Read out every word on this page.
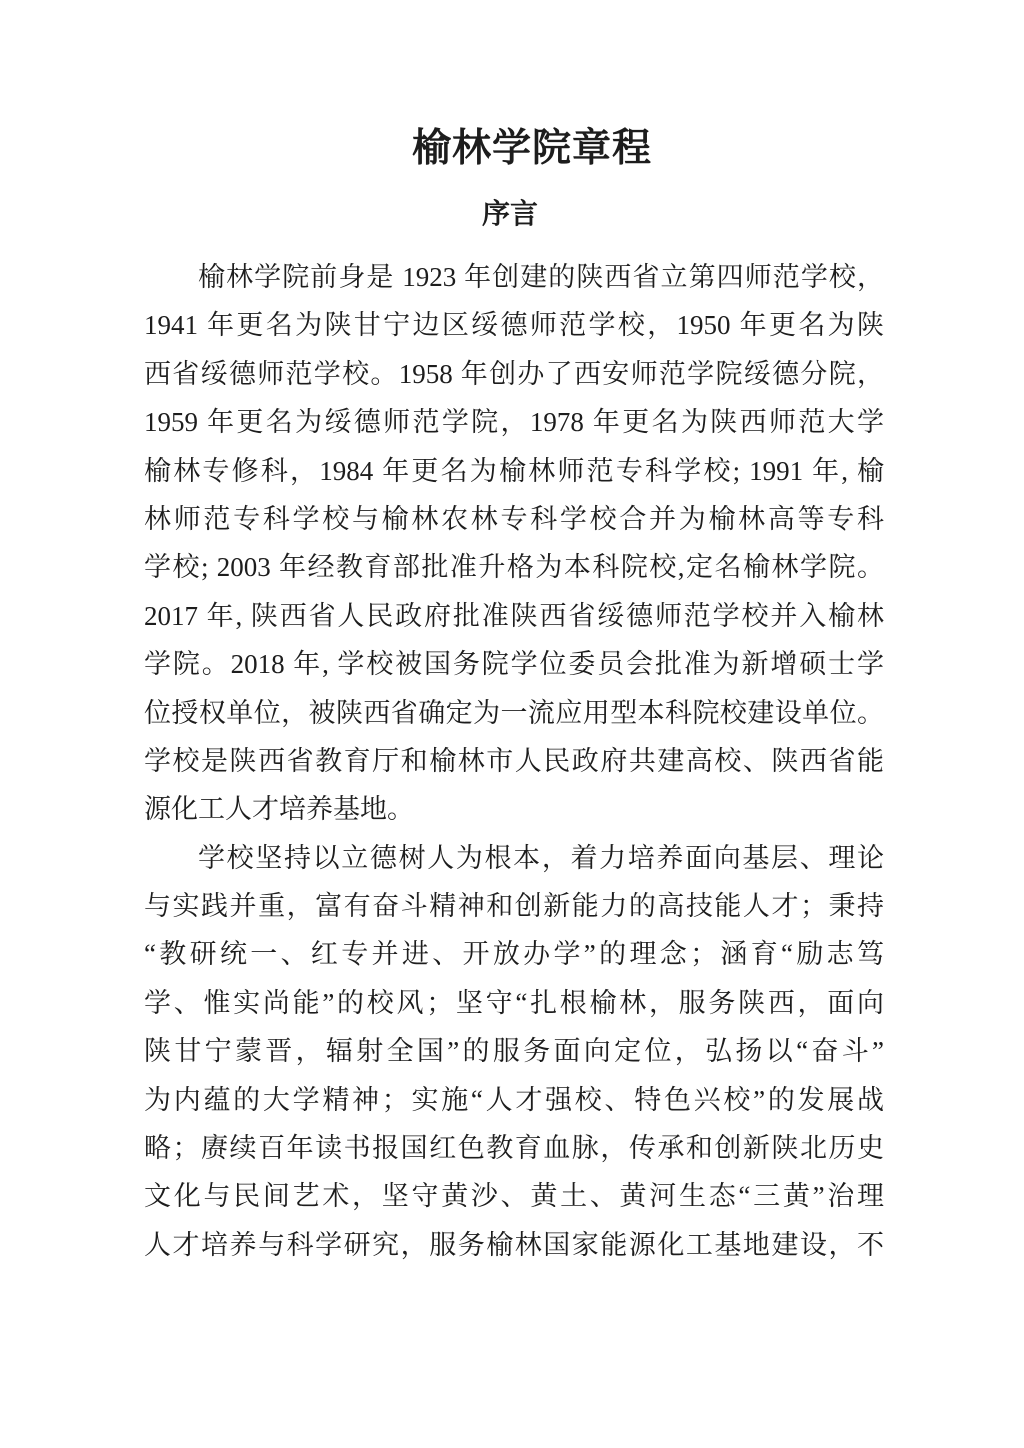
榆林学院章程
序言
榆林学院前身是 1923 年创建的陕西省立第四师范学校，
1941 年更名为陕甘宁边区绥德师范学校，1950 年更名为陕
西省绥德师范学校。1958 年创办了西安师范学院绥德分院，
1959 年更名为绥德师范学院，1978 年更名为陕西师范大学
榆林专修科，1984 年更名为榆林师范专科学校; 1991 年, 榆
林师范专科学校与榆林农林专科学校合并为榆林高等专科
学校; 2003 年经教育部批准升格为本科院校,定名榆林学院。
2017 年, 陕西省人民政府批准陕西省绥德师范学校并入榆林
学院。2018 年, 学校被国务院学位委员会批准为新增硕士学
位授权单位，被陕西省确定为一流应用型本科院校建设单位。
学校是陕西省教育厅和榆林市人民政府共建高校、陕西省能
源化工人才培养基地。
学校坚持以立德树人为根本，着力培养面向基层、理论
与实践并重，富有奋斗精神和创新能力的高技能人才；秉持
“教研统一、红专并进、开放办学”的理念；涵育“励志笃
学、惟实尚能”的校风；坚守“扎根榆林，服务陕西，面向
陕甘宁蒙晋，辐射全国”的服务面向定位，弘扬以“奋斗”
为内蕴的大学精神；实施“人才强校、特色兴校”的发展战
略；赓续百年读书报国红色教育血脉，传承和创新陕北历史
文化与民间艺术，坚守黄沙、黄土、黄河生态“三黄”治理
人才培养与科学研究，服务榆林国家能源化工基地建设，不
